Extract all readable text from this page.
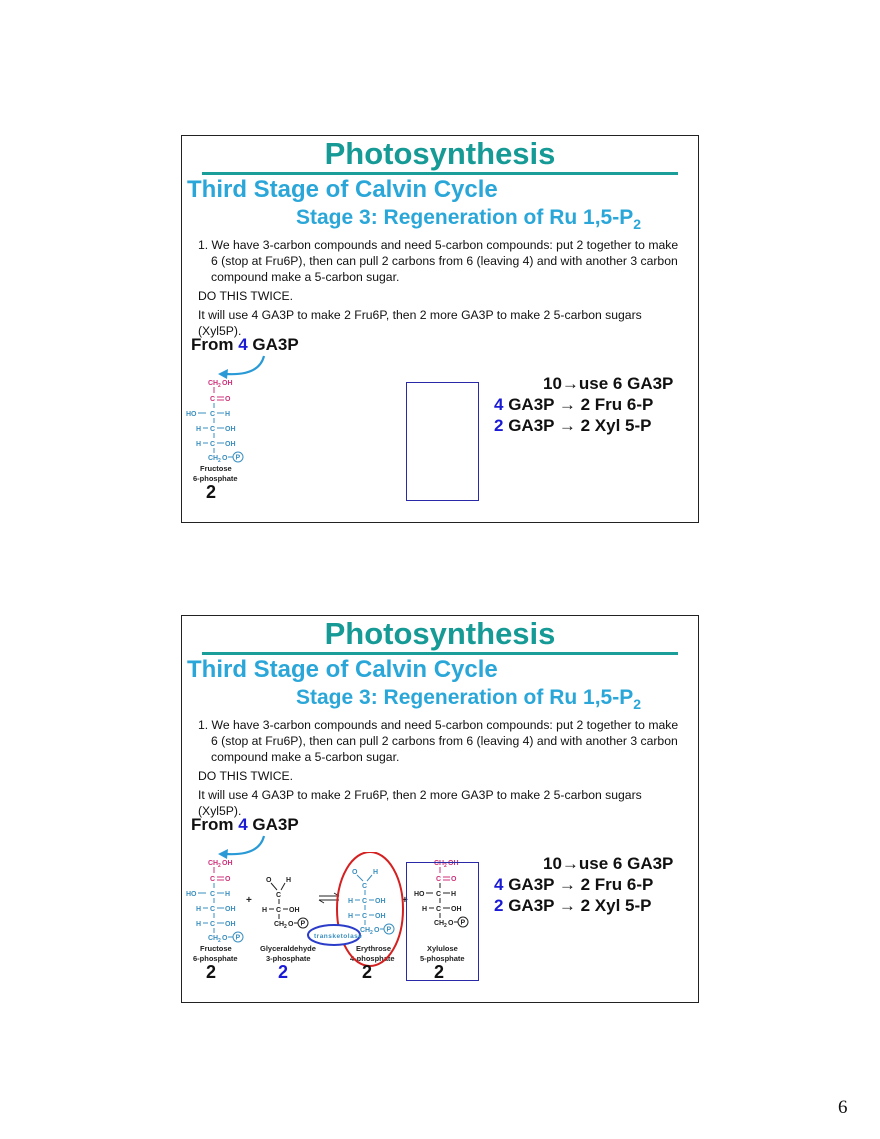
Photosynthesis
Third Stage of Calvin Cycle
Stage 3: Regeneration of Ru $1,5-P_2$

1. We have 3-carbon compounds and need 5-carbon compounds: put 2 together to make 6 (stop at Fru6P), then can pull 2 carbons from 6 (leaving 4) and with another 3 carbon compound make a 5-carbon sugar.

DO THIS TWICE.

It will use 4 GA3P to make 2 Fru6P, then 2 more GA3P to make 2 5-carbon sugars (Xyl5P).

From 4 GA3P
CH 2 OH
C O
HO C H
H C OH
H C OH
CH 2 O P
Fructose
6-phosphate
2
10→use 6 GA3P
4 GA3P → 2 Fru 6-P
2 GA3P → 2 Xyl 5-P
Photosynthesis
Third Stage of Calvin Cycle
Stage 3: Regeneration of Ru $1,5-P_2$

1. We have 3-carbon compounds and need 5-carbon compounds: put 2 together to make 6 (stop at Fru6P), then can pull 2 carbons from 6 (leaving 4) and with another 3 carbon compound make a 5-carbon sugar.

DO THIS TWICE.

It will use 4 GA3P to make 2 Fru6P, then 2 more GA3P to make 2 5-carbon sugars (Xyl5P).

From 4 GA3P
CH 2 OH
C O
HO C H
H C OH
H C OH
CH 2 O P
Fructose
6-phosphate
+
O H
C
H C OH
CH 2 O P
Glyceraldehyde
3-phosphate
O H
C
H C OH
H C OH
CH 2 O P
Erythrose
4-phosphate
+
transketolase
CH 2 OH
C O
HO C H
H C OH
CH 2 O P
Xylulose
5-phosphate
2	2	2	2
10→use 6 GA3P
4 GA3P → 2 Fru 6-P
2 GA3P → 2 Xyl 5-P
6
